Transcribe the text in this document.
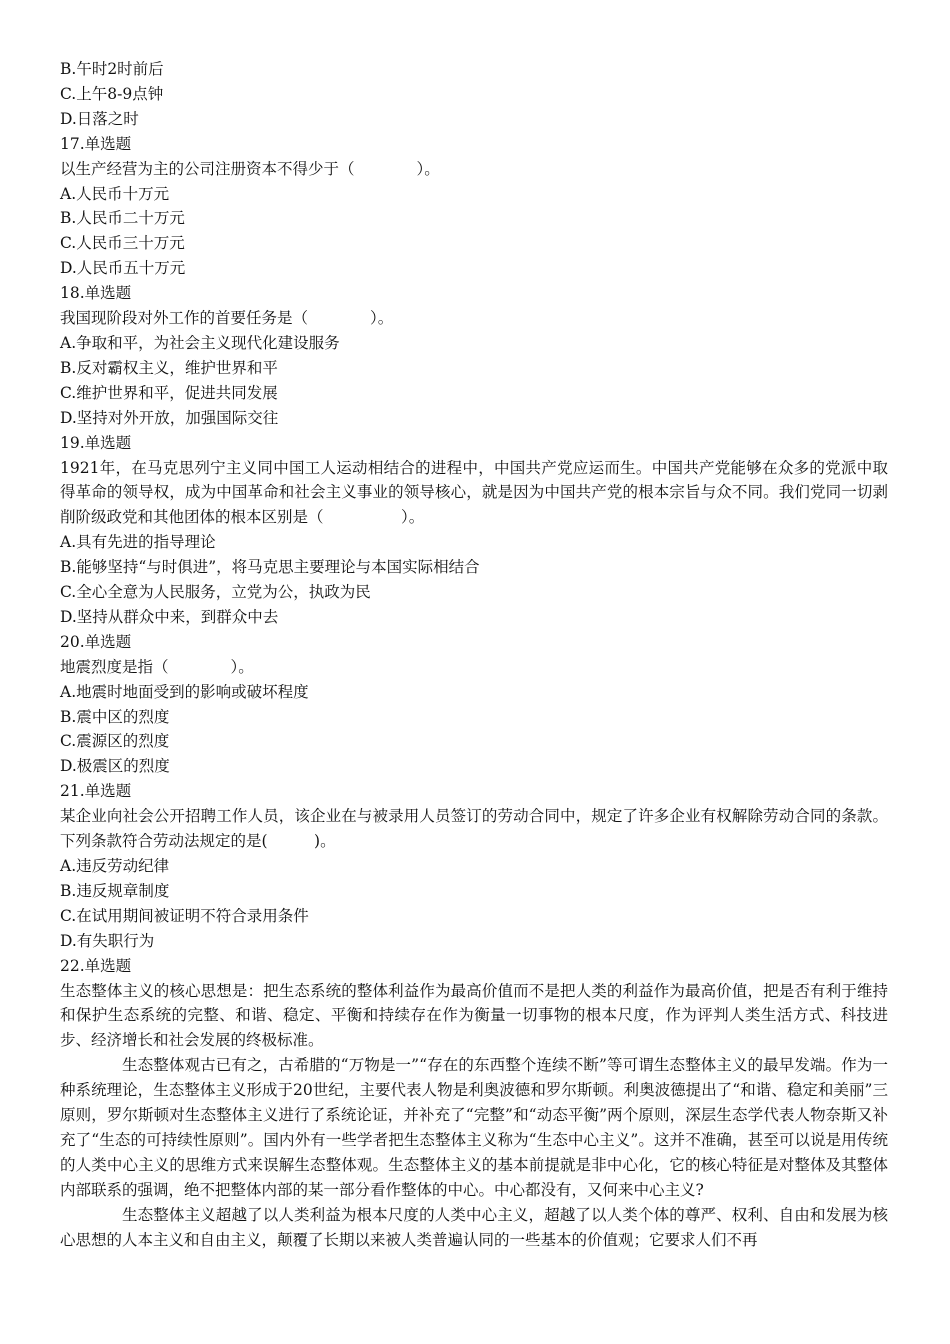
B.午时2时前后
C.上午8-9点钟
D.日落之时
17.单选题
以生产经营为主的公司注册资本不得少于（　　　　）。
A.人民币十万元
B.人民币二十万元
C.人民币三十万元
D.人民币五十万元
18.单选题
我国现阶段对外工作的首要任务是（　　　　）。
A.争取和平，为社会主义现代化建设服务
B.反对霸权主义，维护世界和平
C.维护世界和平，促进共同发展
D.坚持对外开放，加强国际交往
19.单选题
1921年，在马克思列宁主义同中国工人运动相结合的进程中，中国共产党应运而生。中国共产党能够在众多的党派中取得革命的领导权，成为中国革命和社会主义事业的领导核心，就是因为中国共产党的根本宗旨与众不同。我们党同一切剥削阶级政党和其他团体的根本区别是（　　　　　）。
A.具有先进的指导理论
B.能够坚持“与时俱进”，将马克思主要理论与本国实际相结合
C.全心全意为人民服务，立党为公，执政为民
D.坚持从群众中来，到群众中去
20.单选题
地震烈度是指（　　　　）。
A.地震时地面受到的影响或破坏程度
B.震中区的烈度
C.震源区的烈度
D.极震区的烈度
21.单选题
某企业向社会公开招聘工作人员，该企业在与被录用人员签订的劳动合同中，规定了许多企业有权解除劳动合同的条款。下列条款符合劳动法规定的是(　　　)。
A.违反劳动纪律
B.违反规章制度
C.在试用期间被证明不符合录用条件
D.有失职行为
22.单选题
生态整体主义的核心思想是：把生态系统的整体利益作为最高价值而不是把人类的利益作为最高价值，把是否有利于维持和保护生态系统的完整、和谐、稳定、平衡和持续存在作为衡量一切事物的根本尺度，作为评判人类生活方式、科技进步、经济增长和社会发展的终极标准。
生态整体观古已有之，古希腊的“万物是一”“存在的东西整个连续不断”等可谓生态整体主义的最早发端。作为一种系统理论，生态整体主义形成于20世纪，主要代表人物是利奥波德和罗尔斯顿。利奥波德提出了“和谐、稳定和美丽”三原则，罗尔斯顿对生态整体主义进行了系统论证，并补充了“完整”和“动态平衡”两个原则，深层生态学代表人物奈斯又补充了“生态的可持续性原则”。国内外有一些学者把生态整体主义称为“生态中心主义”。这并不准确，甚至可以说是用传统的人类中心主义的思维方式来误解生态整体观。生态整体主义的基本前提就是非中心化，它的核心特征是对整体及其整体内部联系的强调，绝不把整体内部的某一部分看作整体的中心。中心都没有，又何来中心主义?
生态整体主义超越了以人类利益为根本尺度的人类中心主义，超越了以人类个体的尊严、权利、自由和发展为核心思想的人本主义和自由主义，颠覆了长期以来被人类普遍认同的一些基本的价值观；它要求人们不再
